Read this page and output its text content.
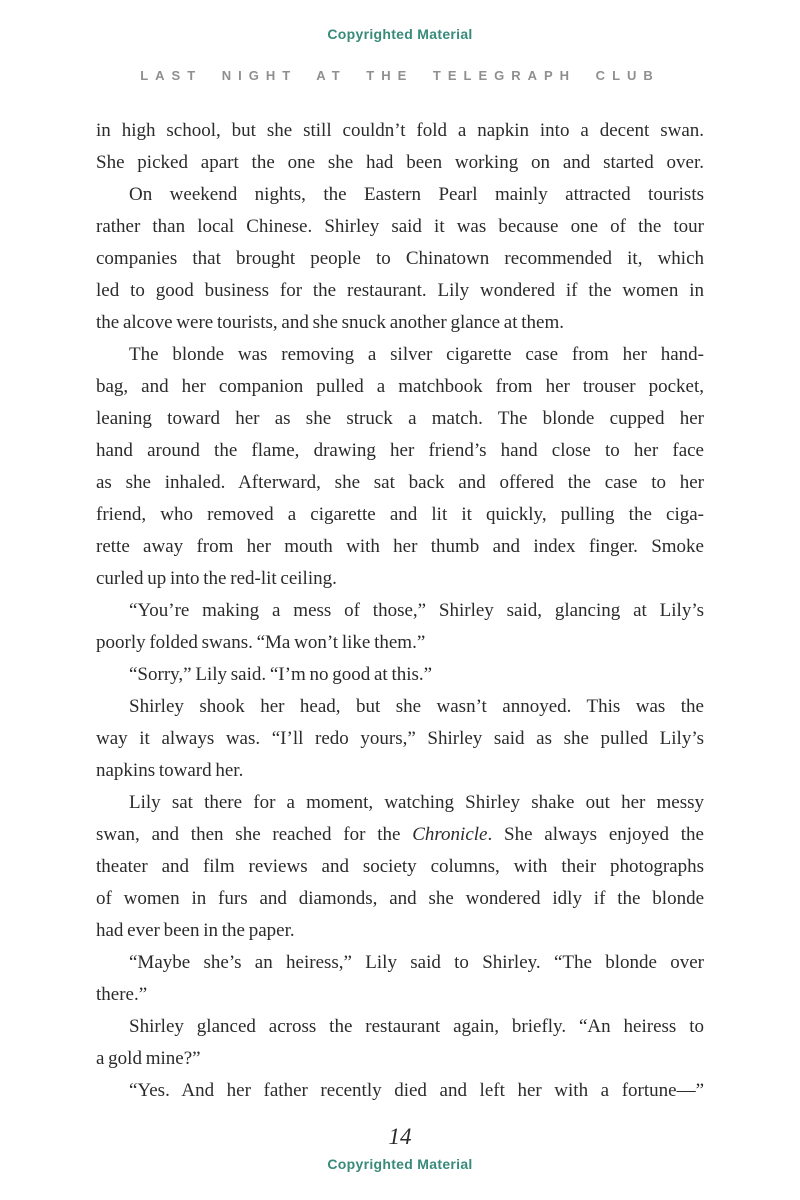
Copyrighted Material
LAST NIGHT AT THE TELEGRAPH CLUB
in high school, but she still couldn’t fold a napkin into a decent swan.
She picked apart the one she had been working on and started over.
On weekend nights, the Eastern Pearl mainly attracted tourists
rather than local Chinese. Shirley said it was because one of the tour
companies that brought people to Chinatown recommended it, which
led to good business for the restaurant. Lily wondered if the women in
the alcove were tourists, and she snuck another glance at them.
The blonde was removing a silver cigarette case from her hand-
bag, and her companion pulled a matchbook from her trouser pocket,
leaning toward her as she struck a match. The blonde cupped her
hand around the flame, drawing her friend’s hand close to her face
as she inhaled. Afterward, she sat back and offered the case to her
friend, who removed a cigarette and lit it quickly, pulling the ciga-
rette away from her mouth with her thumb and index finger. Smoke
curled up into the red-lit ceiling.
“You’re making a mess of those,” Shirley said, glancing at Lily’s
poorly folded swans. “Ma won’t like them.”
“Sorry,” Lily said. “I’m no good at this.”
Shirley shook her head, but she wasn’t annoyed. This was the
way it always was. “I’ll redo yours,” Shirley said as she pulled Lily’s
napkins toward her.
Lily sat there for a moment, watching Shirley shake out her messy
swan, and then she reached for the Chronicle. She always enjoyed the
theater and film reviews and society columns, with their photographs
of women in furs and diamonds, and she wondered idly if the blonde
had ever been in the paper.
“Maybe she’s an heiress,” Lily said to Shirley. “The blonde over
there.”
Shirley glanced across the restaurant again, briefly. “An heiress to
a gold mine?”
“Yes. And her father recently died and left her with a fortune—”
14
Copyrighted Material
